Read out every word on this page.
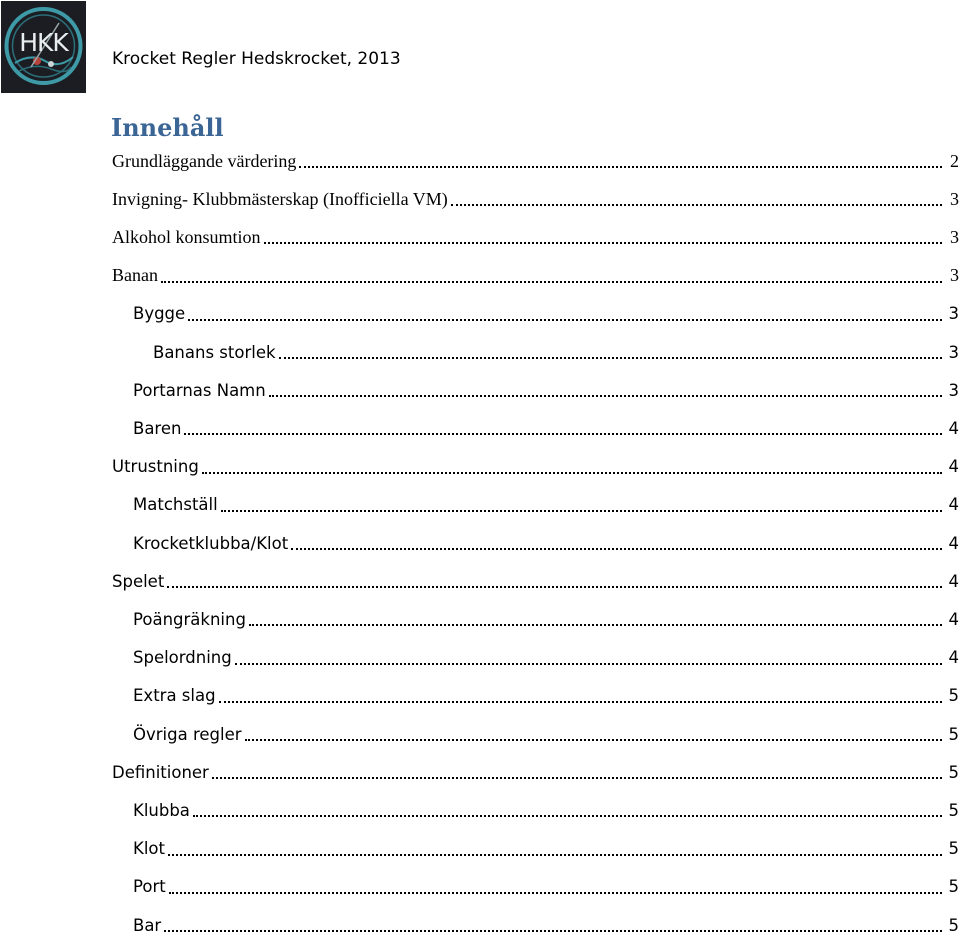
HKK
Krocket Regler Hedskrocket, 2013
Innehåll
Grundläggande värdering	2
Invigning- Klubbmästerskap (Inofficiella VM)	3
Alkohol konsumtion	3
Banan	3
Bygge	3
Banans storlek	3
Portarnas Namn	3
Baren	4
Utrustning	4
Matchställ	4
Krocketklubba/Klot	4
Spelet	4
Poängräkning	4
Spelordning	4
Extra slag	5
Övriga regler	5
Definitioner	5
Klubba	5
Klot	5
Port	5
Bar	5
